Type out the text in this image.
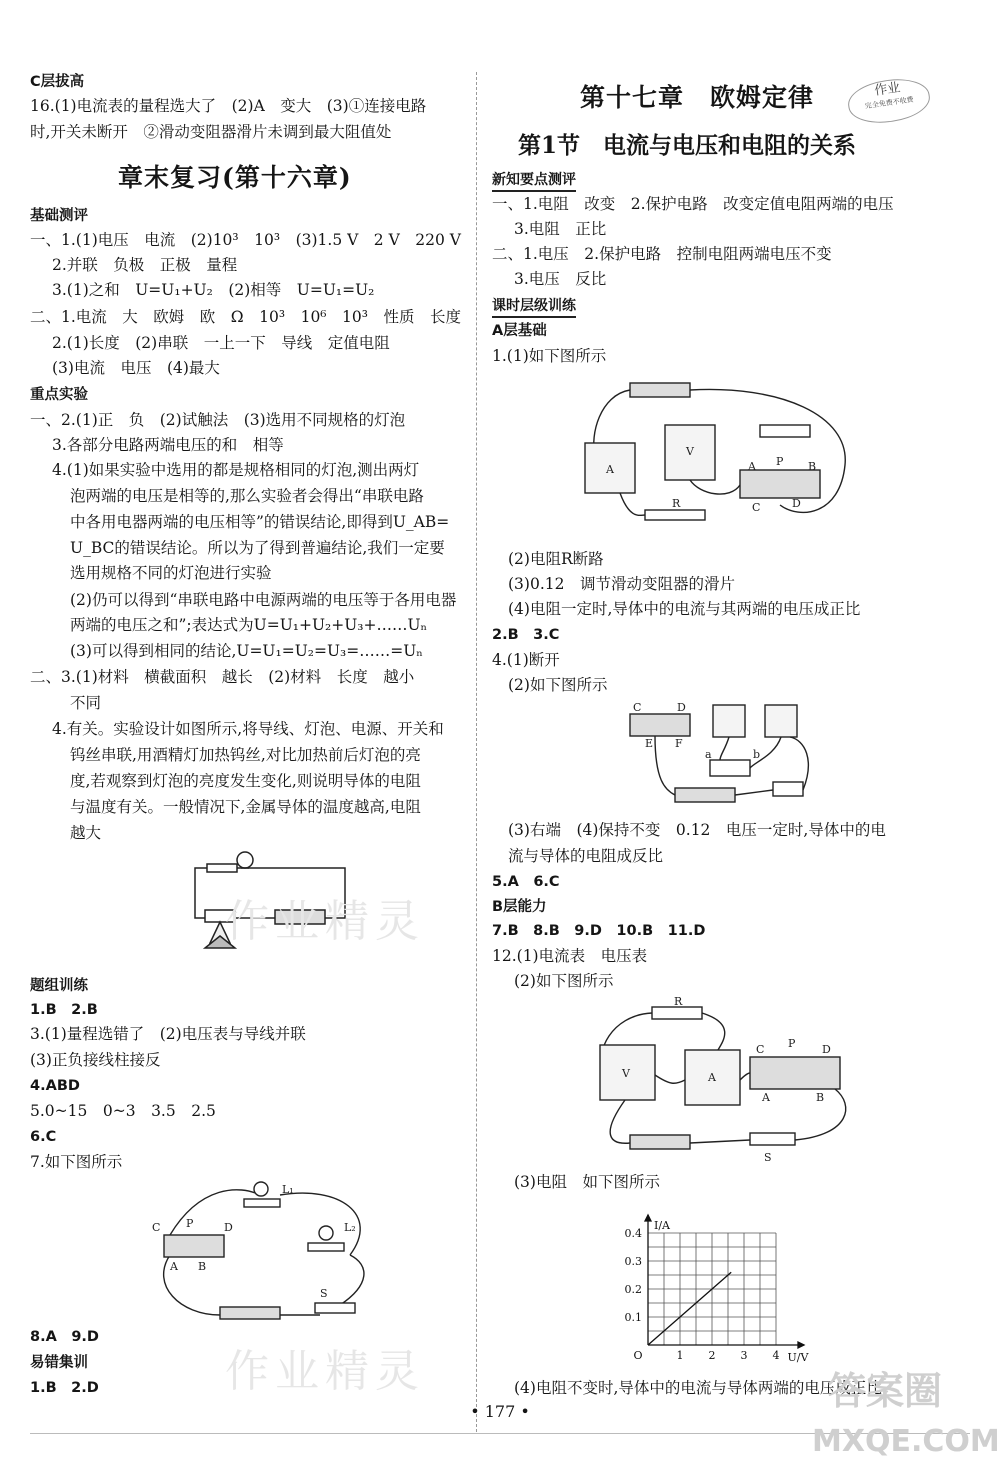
C层拔高
16.(1)电流表的量程选大了　(2)A　变大　(3)①连接电路
时,开关未断开　②滑动变阻器滑片未调到最大阻值处
章末复习(第十六章)
基础测评
一、1.(1)电压　电流　(2)10³　10³　(3)1.5 V　2 V　220 V
2.并联　负极　正极　量程
3.(1)之和　U=U₁+U₂　(2)相等　U=U₁=U₂
二、1.电流　大　欧姆　欧　Ω　10³　10⁶　10³　性质　长度
2.(1)长度　(2)串联　一上一下　导线　定值电阻
(3)电流　电压　(4)最大
重点实验
一、2.(1)正　负　(2)试触法　(3)选用不同规格的灯泡
3.各部分电路两端电压的和　相等
4.(1)如果实验中选用的都是规格相同的灯泡,测出两灯
泡两端的电压是相等的,那么实验者会得出“串联电路
中各用电器两端的电压相等”的错误结论,即得到U_AB=
U_BC的错误结论。所以为了得到普遍结论,我们一定要
选用规格不同的灯泡进行实验
(2)仍可以得到“串联电路中电源两端的电压等于各用电器
两端的电压之和”;表达式为U=U₁+U₂+U₃+……Uₙ
(3)可以得到相同的结论,U=U₁=U₂=U₃=……=Uₙ
二、3.(1)材料　横截面积　越长　(2)材料　长度　越小
不同
4.有关。实验设计如图所示,将导线、灯泡、电源、开关和
钨丝串联,用酒精灯加热钨丝,对比加热前后灯泡的亮
度,若观察到灯泡的亮度发生变化,则说明导体的电阻
与温度有关。一般情况下,金属导体的温度越高,电阻
越大
作业精灵
题组训练
1.B　2.B
3.(1)量程选错了　(2)电压表与导线并联
(3)正负接线柱接反
4.ABD
5.0~15　0~3　3.5　2.5
6.C
7.如下图所示
L₁
L₂
C P	D
A B
S
8.A　9.D
易错集训
1.B　2.D	作业精灵
第十七章　欧姆定律	作业
完全免费不收费
第1节　电流与电压和电阻的关系
新知要点测评
一、1.电阻　改变　2.保护电路　改变定值电阻两端的电压
3.电阻　正比
二、1.电压　2.保护电路　控制电阻两端电压不变
3.电压　反比
课时层级训练
A层基础
1.(1)如下图所示
A P B
C	D
R
V
A
(2)电阻R断路
(3)0.12　调节滑动变阻器的滑片
(4)电阻一定时,导体中的电流与其两端的电压成正比
2.B　3.C
4.(1)断开
(2)如下图所示
C	D
E F
a	b
(3)右端　(4)保持不变　0.12　电压一定时,导体中的电
流与导体的电阻成反比
5.A　6.C
B层能力
7.B　8.B　9.D　10.B　11.D
12.(1)电流表　电压表
(2)如下图所示
R
P
C	D
A	B
V	A
S
(3)电阻　如下图所示
1 2 3 4
0.1
0.2
0.3
0.4
O	U/V
I/A
(4)电阻不变时,导体中的电流与导体两端的电压成正比
• 177 •	答案圈
MXQE.COM
